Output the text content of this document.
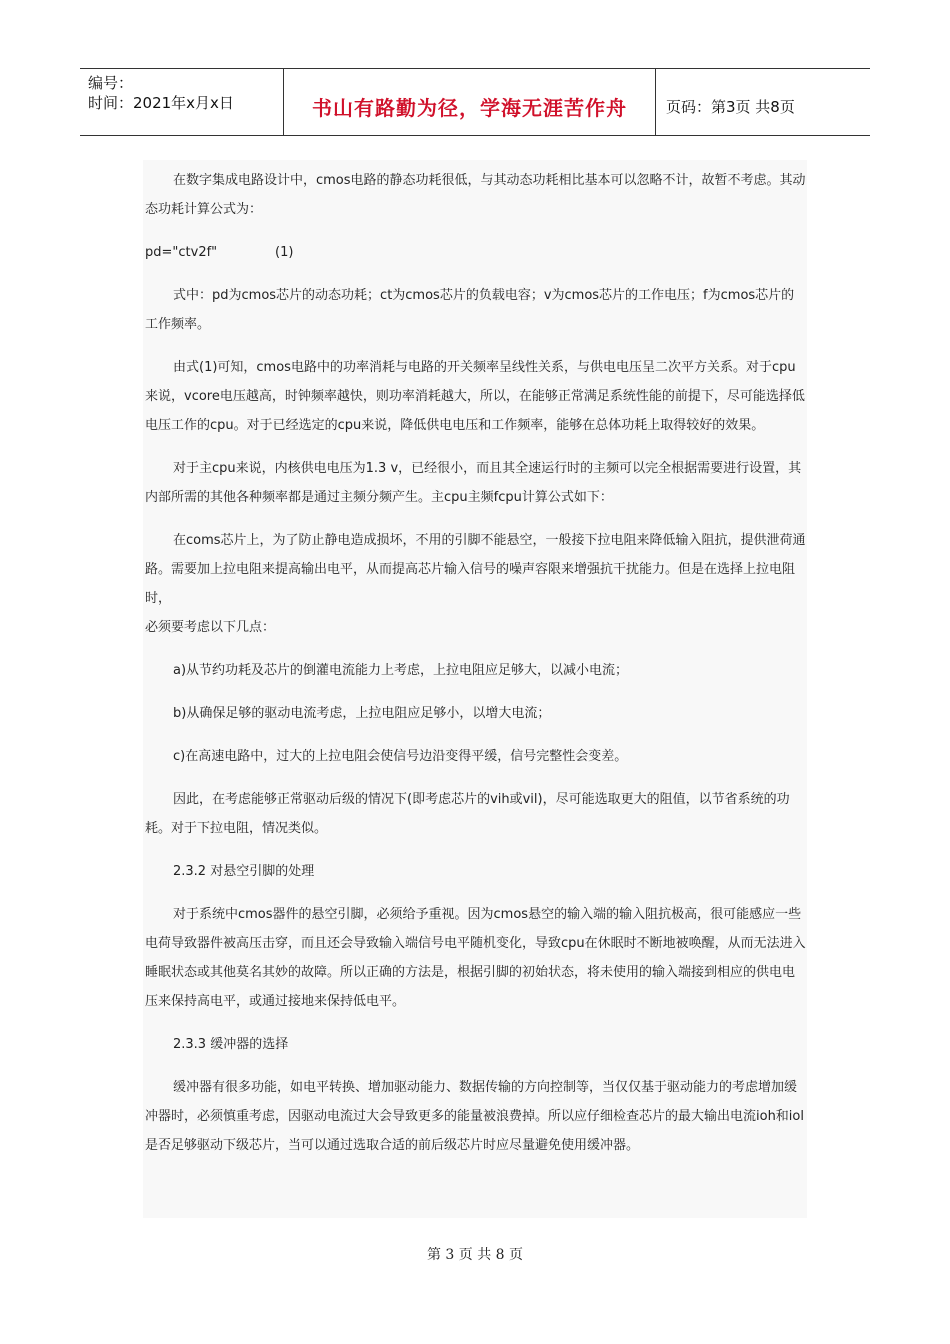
编号：
时间：2021年x月x日	书山有路勤为径，学海无涯苦作舟	页码：第3页 共8页

在数字集成电路设计中，cmos电路的静态功耗很低，与其动态功耗相比基本可以忽略不计，故暂不考虑。其动态功耗计算公式为：

pd="ctv2f"              (1)

式中：pd为cmos芯片的动态功耗；ct为cmos芯片的负载电容；v为cmos芯片的工作电压；f为cmos芯片的工作频率。

由式(1)可知，cmos电路中的功率消耗与电路的开关频率呈线性关系，与供电电压呈二次平方关系。对于cpu来说，vcore电压越高，时钟频率越快，则功率消耗越大，所以，在能够正常满足系统性能的前提下，尽可能选择低电压工作的cpu。对于已经选定的cpu来说，降低供电电压和工作频率，能够在总体功耗上取得较好的效果。

对于主cpu来说，内核供电电压为1.3 v，已经很小，而且其全速运行时的主频可以完全根据需要进行设置，其内部所需的其他各种频率都是通过主频分频产生。主cpu主频fcpu计算公式如下：

在coms芯片上，为了防止静电造成损坏，不用的引脚不能悬空，一般接下拉电阻来降低输入阻抗，提供泄荷通路。需要加上拉电阻来提高输出电平，从而提高芯片输入信号的噪声容限来增强抗干扰能力。但是在选择上拉电阻时，

必须要考虑以下几点：

a)从节约功耗及芯片的倒灌电流能力上考虑，上拉电阻应足够大，以减小电流；

b)从确保足够的驱动电流考虑，上拉电阻应足够小，以增大电流；

c)在高速电路中，过大的上拉电阻会使信号边沿变得平缓，信号完整性会变差。

因此，在考虑能够正常驱动后级的情况下(即考虑芯片的vih或vil)，尽可能选取更大的阻值，以节省系统的功耗。对于下拉电阻，情况类似。

2.3.2 对悬空引脚的处理

对于系统中cmos器件的悬空引脚，必须给予重视。因为cmos悬空的输入端的输入阻抗极高，很可能感应一些电荷导致器件被高压击穿，而且还会导致输入端信号电平随机变化，导致cpu在休眠时不断地被唤醒，从而无法进入睡眠状态或其他莫名其妙的故障。所以正确的方法是，根据引脚的初始状态，将未使用的输入端接到相应的供电电压来保持高电平，或通过接地来保持低电平。

2.3.3 缓冲器的选择

缓冲器有很多功能，如电平转换、增加驱动能力、数据传输的方向控制等，当仅仅基于驱动能力的考虑增加缓冲器时，必须慎重考虑，因驱动电流过大会导致更多的能量被浪费掉。所以应仔细检查芯片的最大输出电流ioh和iol是否足够驱动下级芯片，当可以通过选取合适的前后级芯片时应尽量避免使用缓冲器。

第 3 页 共 8 页
